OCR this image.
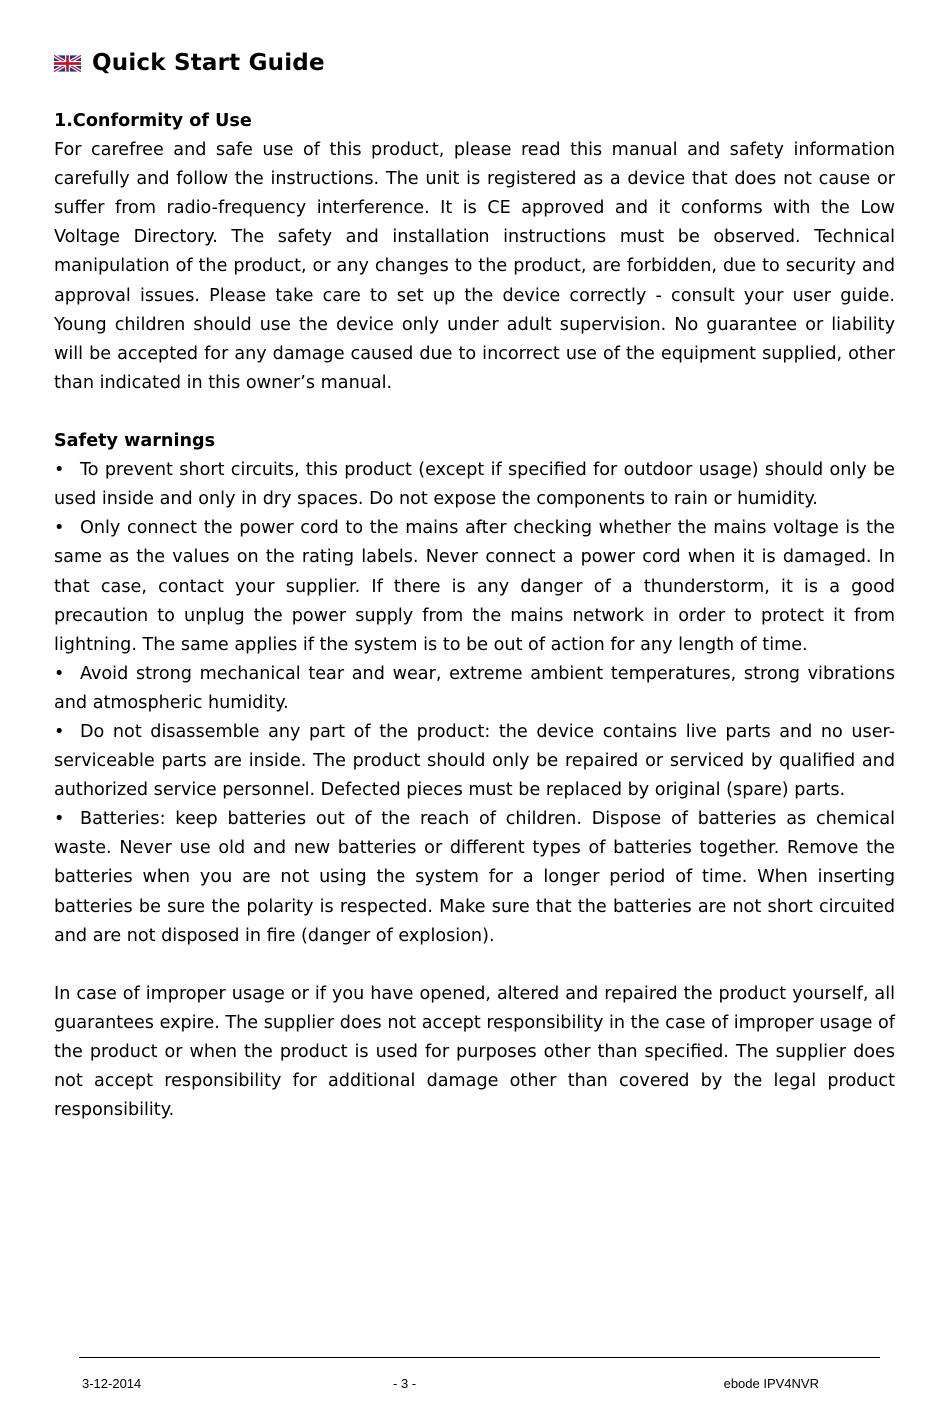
Quick Start Guide

1.Conformity of Use

For carefree and safe use of this product, please read this manual and safety information carefully and follow the instructions. The unit is registered as a device that does not cause or suffer from radio-frequency interference. It is CE approved and it conforms with the Low Voltage Directory. The safety and installation instructions must be observed. Technical manipulation of the product, or any changes to the product, are forbidden, due to security and approval issues. Please take care to set up the device correctly - consult your user guide. Young children should use the device only under adult supervision. No guarantee or liability will be accepted for any damage caused due to incorrect use of the equipment supplied, other than indicated in this owner’s manual.

Safety warnings

• To prevent short circuits, this product (except if specified for outdoor usage) should only be used inside and only in dry spaces. Do not expose the components to rain or humidity.

• Only connect the power cord to the mains after checking whether the mains voltage is the same as the values on the rating labels. Never connect a power cord when it is damaged. In that case, contact your supplier. If there is any danger of a thunderstorm, it is a good precaution to unplug the power supply from the mains network in order to protect it from lightning. The same applies if the system is to be out of action for any length of time.

• Avoid strong mechanical tear and wear, extreme ambient temperatures, strong vibrations and atmospheric humidity.

• Do not disassemble any part of the product: the device contains live parts and no user-serviceable parts are inside. The product should only be repaired or serviced by qualified and authorized service personnel. Defected pieces must be replaced by original (spare) parts.

• Batteries: keep batteries out of the reach of children. Dispose of batteries as chemical waste. Never use old and new batteries or different types of batteries together. Remove the batteries when you are not using the system for a longer period of time. When inserting batteries be sure the polarity is respected. Make sure that the batteries are not short circuited and are not disposed in fire (danger of explosion).

In case of improper usage or if you have opened, altered and repaired the product yourself, all guarantees expire. The supplier does not accept responsibility in the case of improper usage of the product or when the product is used for purposes other than specified. The supplier does not accept responsibility for additional damage other than covered by the legal product responsibility.

3-12-2014	- 3 -	ebode IPV4NVR
